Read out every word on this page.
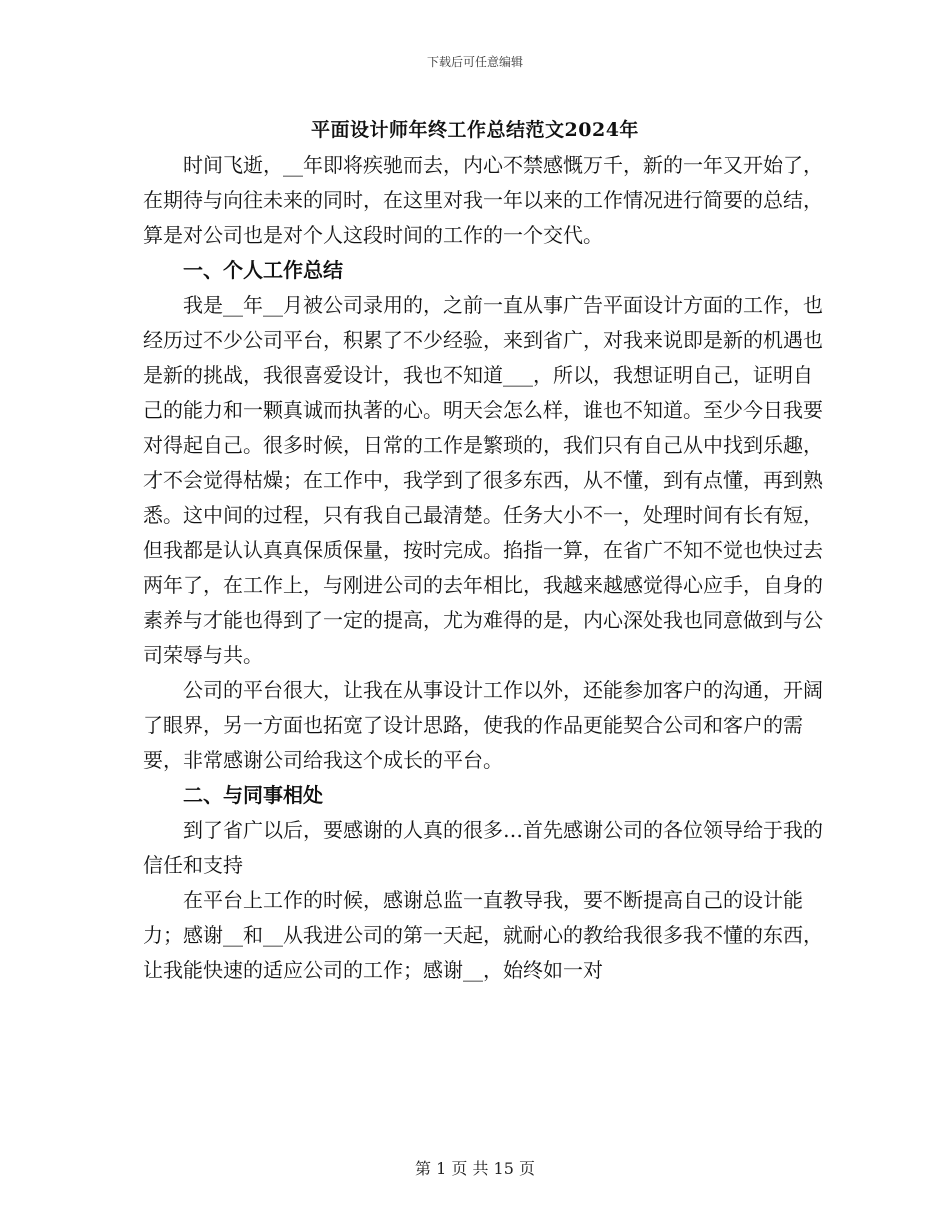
下载后可任意编辑
平面设计师年终工作总结范文2024年

时间飞逝，__年即将疾驰而去，内心不禁感慨万千，新的一年又开始了，在期待与向往未来的同时，在这里对我一年以来的工作情况进行简要的总结，算是对公司也是对个人这段时间的工作的一个交代。

一、个人工作总结

我是__年__月被公司录用的，之前一直从事广告平面设计方面的工作，也经历过不少公司平台，积累了不少经验，来到省广，对我来说即是新的机遇也是新的挑战，我很喜爱设计，我也不知道___，所以，我想证明自己，证明自己的能力和一颗真诚而执著的心。明天会怎么样，谁也不知道。至少今日我要对得起自己。很多时候，日常的工作是繁琐的，我们只有自己从中找到乐趣，才不会觉得枯燥；在工作中，我学到了很多东西，从不懂，到有点懂，再到熟悉。这中间的过程，只有我自己最清楚。任务大小不一，处理时间有长有短，但我都是认认真真保质保量，按时完成。掐指一算，在省广不知不觉也快过去两年了，在工作上，与刚进公司的去年相比，我越来越感觉得心应手，自身的素养与才能也得到了一定的提高，尤为难得的是，内心深处我也同意做到与公司荣辱与共。

公司的平台很大，让我在从事设计工作以外，还能参加客户的沟通，开阔了眼界，另一方面也拓宽了设计思路，使我的作品更能契合公司和客户的需要，非常感谢公司给我这个成长的平台。

二、与同事相处

到了省广以后，要感谢的人真的很多…首先感谢公司的各位领导给于我的信任和支持

在平台上工作的时候，感谢总监一直教导我，要不断提高自己的设计能力；感谢__和__从我进公司的第一天起，就耐心的教给我很多我不懂的东西，让我能快速的适应公司的工作；感谢__，始终如一对

第 1 页 共 15 页
